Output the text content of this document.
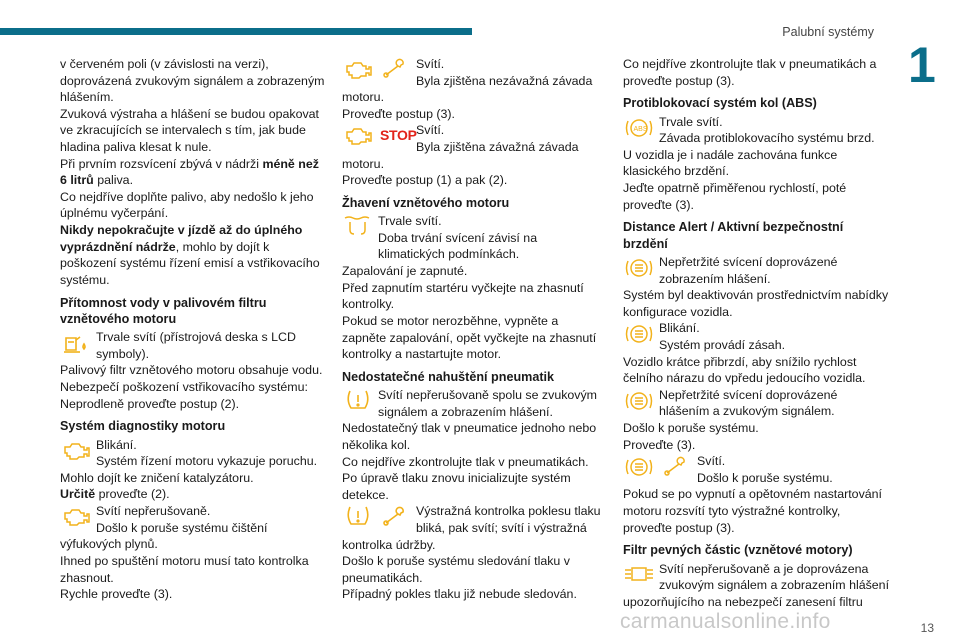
Palubní systémy
1

v červeném poli (v závislosti na verzi), doprovázená zvukovým signálem a zobrazeným hlášením.
Zvuková výstraha a hlášení se budou opakovat ve zkracujících se intervalech s tím, jak bude hladina paliva klesat k nule.
Při prvním rozsvícení zbývá v nádrži méně než 6 litrů paliva.
Co nejdříve doplňte palivo, aby nedošlo k jeho úplnému vyčerpání.
Nikdy nepokračujte v jízdě až do úplného vyprázdnění nádrže, mohlo by dojít k poškození systému řízení emisí a vstřikovacího systému.

Přítomnost vody v palivovém filtru vznětového motoru
Trvale svítí (přístrojová deska s LCD symboly).

Palivový filtr vznětového motoru obsahuje vodu.
Nebezpečí poškození vstřikovacího systému:
Neprodleně proveďte postup (2).

Systém diagnostiky motoru
Blikání.
Systém řízení motoru vykazuje poruchu.

Mohlo dojít ke zničení katalyzátoru.
Určitě proveďte (2).

Svítí nepřerušovaně.
Došlo k poruše systému čištění

výfukových plynů.
Ihned po spuštění motoru musí tato kontrolka zhasnout.
Rychle proveďte (3).

Svítí.
Byla zjištěna nezávažná závada

motoru.
Proveďte postup (3).

STOP Svítí.
Byla zjištěna závažná závada

motoru.
Proveďte postup (1) a pak (2).

Žhavení vznětového motoru
Trvale svítí.
Doba trvání svícení závisí na klimatických podmínkách.

Zapalování je zapnuté.
Před zapnutím startéru vyčkejte na zhasnutí kontrolky.
Pokud se motor nerozběhne, vypněte a zapněte zapalování, opět vyčkejte na zhasnutí kontrolky a nastartujte motor.

Nedostatečné nahuštění pneumatik
Svítí nepřerušovaně spolu se zvukovým signálem a zobrazením hlášení.

Nedostatečný tlak v pneumatice jednoho nebo několika kol.
Co nejdříve zkontrolujte tlak v pneumatikách.
Po úpravě tlaku znovu inicializujte systém detekce.

Výstražná kontrolka poklesu tlaku bliká, pak svítí; svítí i výstražná

kontrolka údržby.
Došlo k poruše systému sledování tlaku v pneumatikách.
Případný pokles tlaku již nebude sledován.

Co nejdříve zkontrolujte tlak v pneumatikách a proveďte postup (3).

Protiblokovací systém kol (ABS)
ABS
Trvale svítí.
Závada protiblokovacího systému brzd.

U vozidla je i nadále zachována funkce klasického brzdění.
Jeďte opatrně přiměřenou rychlostí, poté proveďte (3).

Distance Alert / Aktivní bezpečnostní brzdění
Nepřetržité svícení doprovázené zobrazením hlášení.

Systém byl deaktivován prostřednictvím nabídky konfigurace vozidla.

Blikání.
Systém provádí zásah.

Vozidlo krátce přibrzdí, aby snížilo rychlost čelního nárazu do vpředu jedoucího vozidla.

Nepřetržité svícení doprovázené hlášením a zvukovým signálem.

Došlo k poruše systému.
Proveďte (3).

Svítí.
Došlo k poruše systému.

Pokud se po vypnutí a opětovném nastartování motoru rozsvítí tyto výstražné kontrolky, proveďte postup (3).

Filtr pevných částic (vznětové motory)
Svítí nepřerušovaně a je doprovázena zvukovým signálem a zobrazením hlášení

upozorňujícího na nebezpečí zanesení filtru

carmanualsonline.info	13
